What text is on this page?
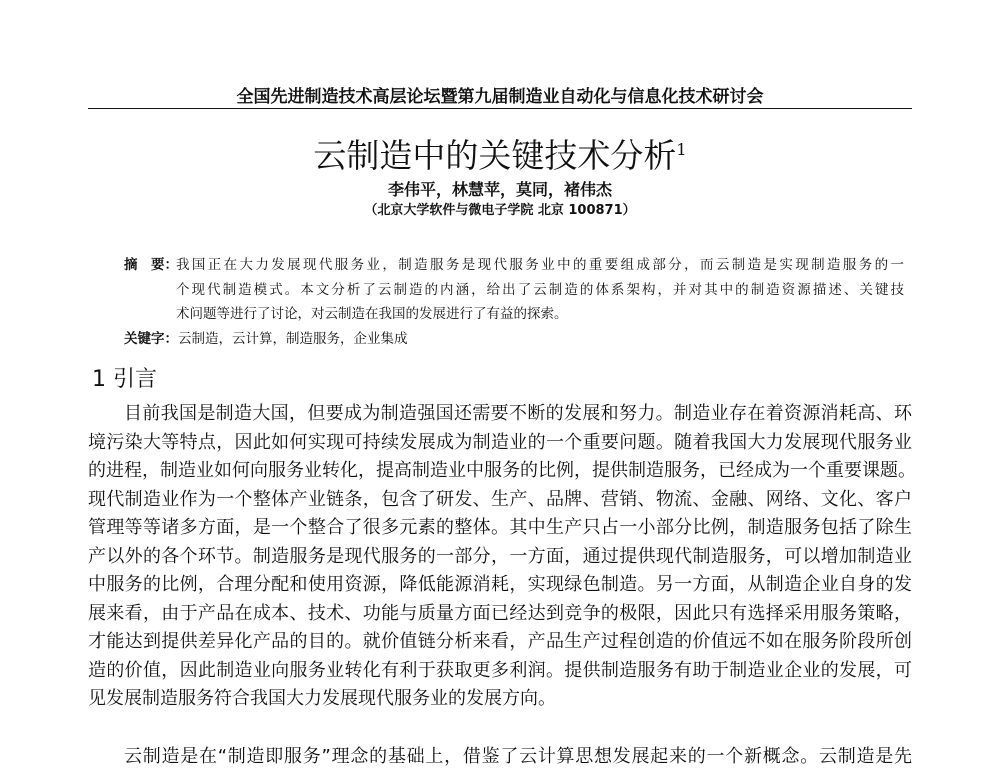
全国先进制造技术高层论坛暨第九届制造业自动化与信息化技术研讨会
云制造中的关键技术分析$^1$
李伟平，林慧苹，莫同，褚伟杰
（北京大学软件与微电子学院 北京 100871）
摘　要：
我国正在大力发展现代服务业，制造服务是现代服务业中的重要组成部分，而云制造是实现制造服务的一
个现代制造模式。本文分析了云制造的内涵，给出了云制造的体系架构，并对其中的制造资源描述、关键技
术问题等进行了讨论，对云制造在我国的发展进行了有益的探索。
关键字：云制造，云计算，制造服务，企业集成
1 引言
目前我国是制造大国，但要成为制造强国还需要不断的发展和努力。制造业存在着资源消耗高、环
境污染大等特点，因此如何实现可持续发展成为制造业的一个重要问题。随着我国大力发展现代服务业
的进程，制造业如何向服务业转化，提高制造业中服务的比例，提供制造服务，已经成为一个重要课题。
现代制造业作为一个整体产业链条，包含了研发、生产、品牌、营销、物流、金融、网络、文化、客户
管理等等诸多方面，是一个整合了很多元素的整体。其中生产只占一小部分比例，制造服务包括了除生
产以外的各个环节。制造服务是现代服务的一部分，一方面，通过提供现代制造服务，可以增加制造业
中服务的比例，合理分配和使用资源，降低能源消耗，实现绿色制造。另一方面，从制造企业自身的发
展来看，由于产品在成本、技术、功能与质量方面已经达到竞争的极限，因此只有选择采用服务策略，
才能达到提供差异化产品的目的。就价值链分析来看，产品生产过程创造的价值远不如在服务阶段所创
造的价值，因此制造业向服务业转化有利于获取更多利润。提供制造服务有助于制造业企业的发展，可
见发展制造服务符合我国大力发展现代服务业的发展方向。
云制造是在“制造即服务”理念的基础上，借鉴了云计算思想发展起来的一个新概念。云制造是先
